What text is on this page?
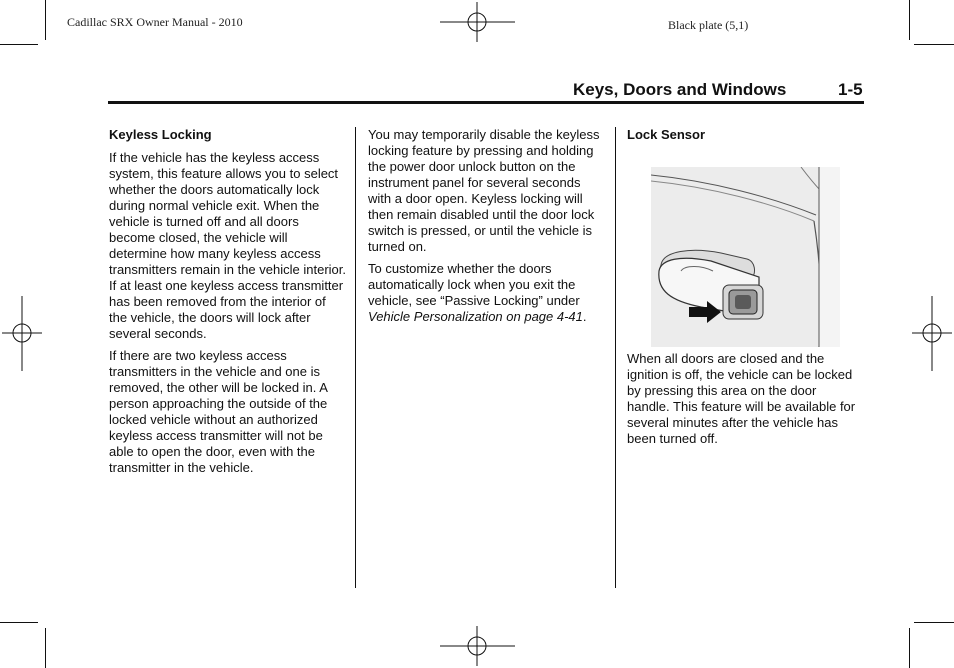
Cadillac SRX Owner Manual - 2010	Black plate (5,1)
Keys, Doors and Windows	1-5
Keyless Locking

If the vehicle has the keyless access system, this feature allows you to select whether the doors automatically lock during normal vehicle exit. When the vehicle is turned off and all doors become closed, the vehicle will determine how many keyless access transmitters remain in the vehicle interior. If at least one keyless access transmitter has been removed from the interior of the vehicle, the doors will lock after several seconds.

If there are two keyless access transmitters in the vehicle and one is removed, the other will be locked in. A person approaching the outside of the locked vehicle without an authorized keyless access transmitter will not be able to open the door, even with the transmitter in the vehicle.

You may temporarily disable the keyless locking feature by pressing and holding the power door unlock button on the instrument panel for several seconds with a door open. Keyless locking will then remain disabled until the door lock switch is pressed, or until the vehicle is turned on.

To customize whether the doors automatically lock when you exit the vehicle, see “Passive Locking” under Vehicle Personalization on page 4-41.

Lock Sensor

When all doors are closed and the ignition is off, the vehicle can be locked by pressing this area on the door handle. This feature will be available for several minutes after the vehicle has been turned off.
